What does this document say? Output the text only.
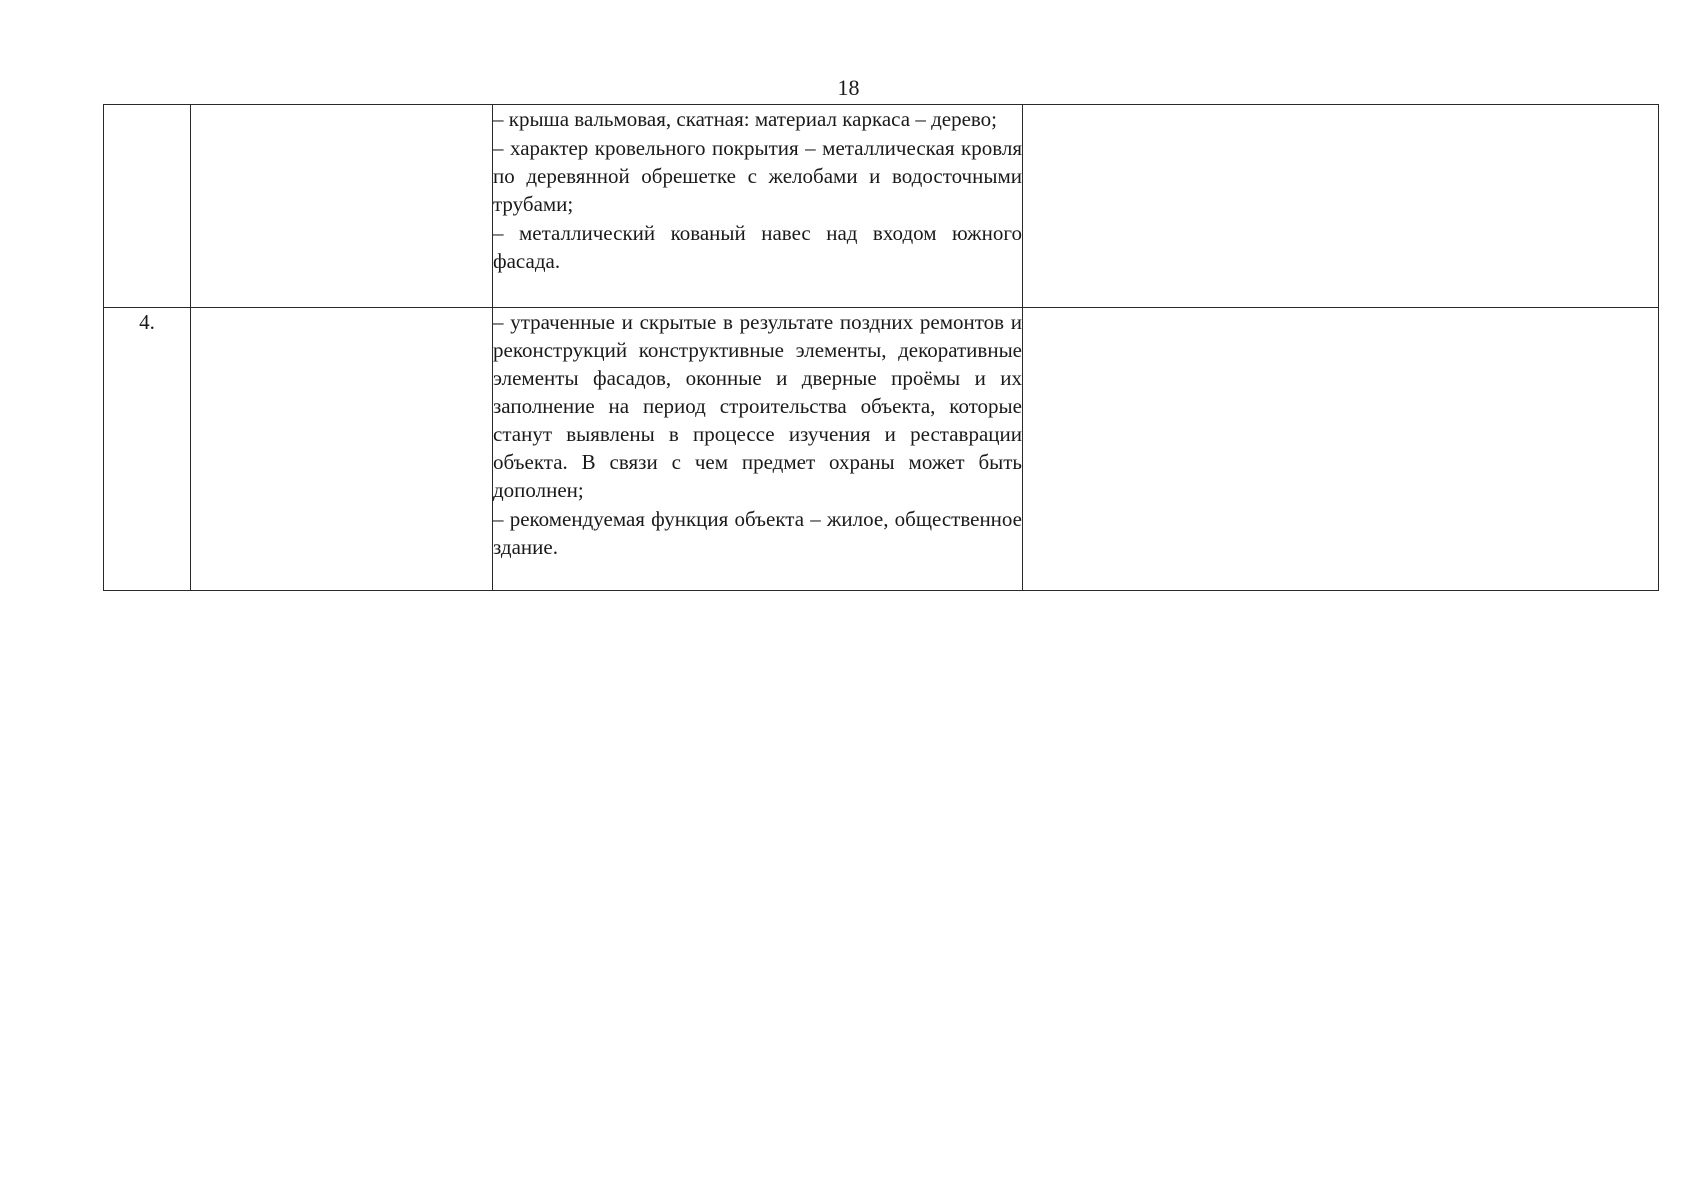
18

		– крыша вальмовая, скатная: материал каркаса – дерево;
– характер кровельного покрытия – металлическая кровля по деревянной обрешетке с желобами и водосточными трубами;
– металлический кованый навес над входом южного фасада.	

4.		– утраченные и скрытые в результате поздних ремонтов и реконструкций конструктивные элементы, декоративные элементы фасадов, оконные и дверные проёмы и их заполнение на период строительства объекта, которые станут выявлены в процессе изучения и реставрации объекта. В связи с чем предмет охраны может быть дополнен;
– рекомендуемая функция объекта – жилое, общественное здание.	
